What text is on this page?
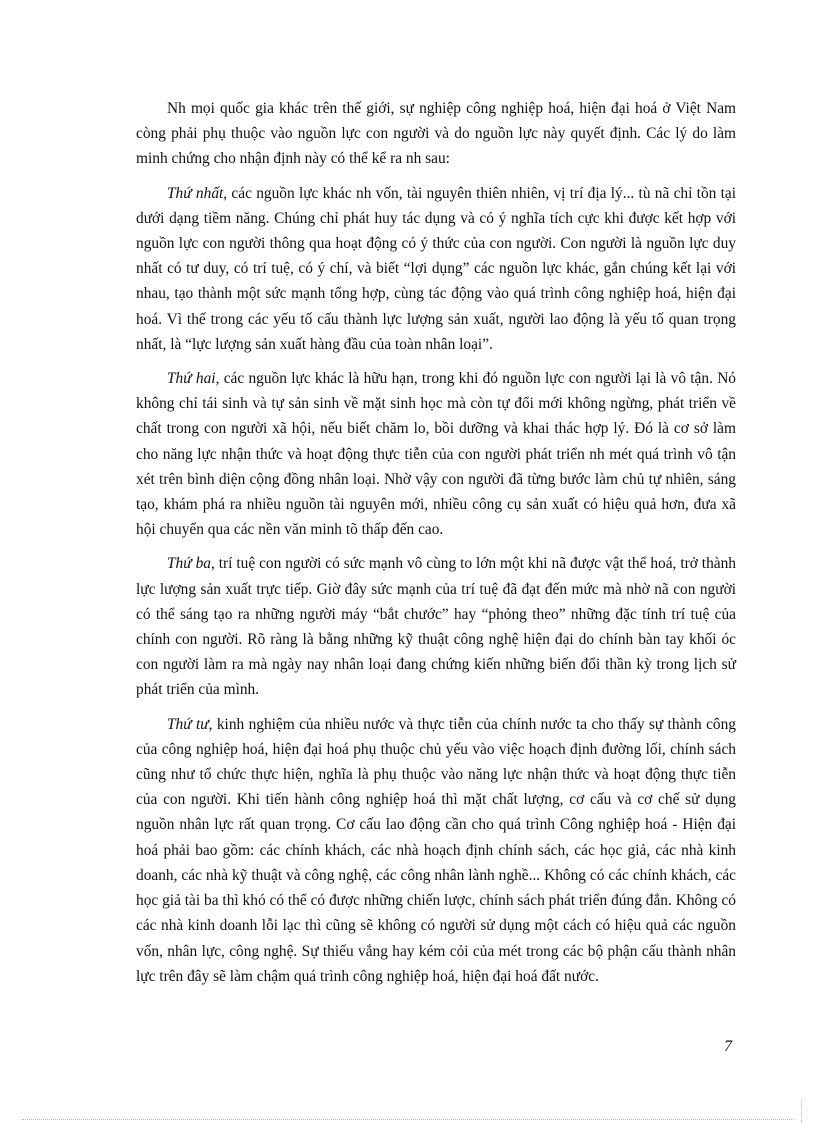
Nh mọi quốc gia khác trên thế giới, sự nghiệp công nghiệp hoá, hiện đại hoá ở Việt Nam còng phải phụ thuộc vào nguồn lực con người và do nguồn lực này quyết định. Các lý do làm minh chứng cho nhận định này có thể kể ra nh sau:

Thứ nhất, các nguồn lực khác nh vốn, tài nguyên thiên nhiên, vị trí địa lý... tù nã chỉ tồn tại dưới dạng tiềm năng. Chúng chỉ phát huy tác dụng và có ý nghĩa tích cực khi được kết hợp với nguồn lực con người thông qua hoạt động có ý thức của con người. Con người là nguồn lực duy nhất có tư duy, có trí tuệ, có ý chí, và biết “lợi dụng” các nguồn lực khác, gắn chúng kết lại với nhau, tạo thành một sức mạnh tổng hợp, cùng tác động vào quá trình công nghiệp hoá, hiện đại hoá. Vì thế trong các yếu tố cấu thành lực lượng sản xuất, người lao động là yếu tố quan trọng nhất, là “lực lượng sản xuất hàng đầu của toàn nhân loại”.

Thứ hai, các nguồn lực khác là hữu hạn, trong khi đó nguồn lực con người lại là vô tận. Nó không chỉ tái sinh và tự sản sinh về mặt sinh học mà còn tự đổi mới không ngừng, phát triển về chất trong con người xã hội, nếu biết chăm lo, bồi dưỡng và khai thác hợp lý. Đó là cơ sở làm cho năng lực nhận thức và hoạt động thực tiễn của con người phát triển nh mét quá trình vô tận xét trên bình diện cộng đồng nhân loại. Nhờ vậy con người đã từng bước làm chủ tự nhiên, sáng tạo, khám phá ra nhiều nguồn tài nguyên mới, nhiều công cụ sản xuất có hiệu quả hơn, đưa xã hội chuyển qua các nền văn minh tõ thấp đến cao.

Thứ ba, trí tuệ con người có sức mạnh vô cùng to lớn một khi nã được vật thể hoá, trở thành lực lượng sản xuất trực tiếp. Giờ đây sức mạnh của trí tuệ đã đạt đến mức mà nhờ nã con người có thể sáng tạo ra những người máy “bắt chước” hay “phỏng theo” những đặc tính trí tuệ của chính con người. Rõ ràng là bằng những kỹ thuật công nghệ hiện đại do chính bàn tay khối óc con người làm ra mà ngày nay nhân loại đang chứng kiến những biến đổi thần kỳ trong lịch sử phát triển của mình.

Thứ tư, kinh nghiệm của nhiều nước và thực tiễn của chính nước ta cho thấy sự thành công của công nghiệp hoá, hiện đại hoá phụ thuộc chủ yếu vào việc hoạch định đường lối, chính sách cũng như tổ chức thực hiện, nghĩa là phụ thuộc vào năng lực nhận thức và hoạt động thực tiễn của con người. Khi tiến hành công nghiệp hoá thì mặt chất lượng, cơ cấu và cơ chế sử dụng nguồn nhân lực rất quan trọng. Cơ cấu lao động cần cho quá trình Công nghiệp hoá - Hiện đại hoá phải bao gồm: các chính khách, các nhà hoạch định chính sách, các học giả, các nhà kinh doanh, các nhà kỹ thuật và công nghệ, các công nhân lành nghề... Không có các chính khách, các học giả tài ba thì khó có thể có được những chiến lược, chính sách phát triển đúng đắn. Không có các nhà kinh doanh lỗi lạc thì cũng sẽ không có người sử dụng một cách có hiệu quả các nguồn vốn, nhân lực, công nghệ. Sự thiếu vắng hay kém cỏi của mét trong các bộ phận cấu thành nhân lực trên đây sẽ làm chậm quá trình công nghiệp hoá, hiện đại hoá đất nước.

7
